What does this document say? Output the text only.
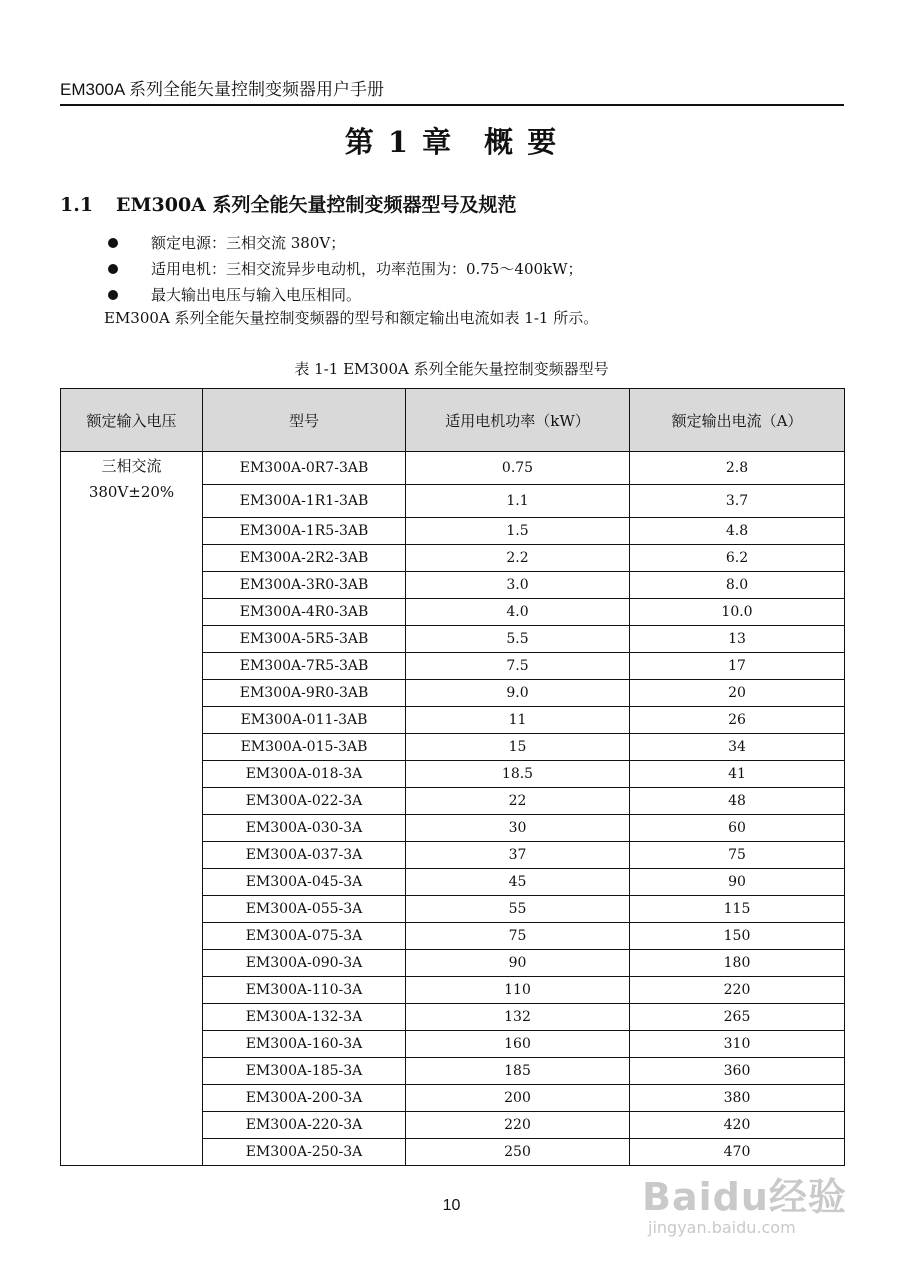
EM300A 系列全能矢量控制变频器用户手册
第 1 章　概 要
1.1 EM300A 系列全能矢量控制变频器型号及规范
额定电源：三相交流 380V；
适用电机：三相交流异步电动机，功率范围为：0.75～400kW；
最大输出电压与输入电压相同。
EM300A 系列全能矢量控制变频器的型号和额定输出电流如表 1-1 所示。
表 1-1 EM300A 系列全能矢量控制变频器型号
额定输入电压	型号	适用电机功率（kW）	额定输出电流（A）

三相交流
380V±20%	EM300A-0R7-3AB	0.75	2.8
	EM300A-1R1-3AB	1.1	3.7
	EM300A-1R5-3AB	1.5	4.8
	EM300A-2R2-3AB	2.2	6.2
	EM300A-3R0-3AB	3.0	8.0
	EM300A-4R0-3AB	4.0	10.0
	EM300A-5R5-3AB	5.5	13
	EM300A-7R5-3AB	7.5	17
	EM300A-9R0-3AB	9.0	20
	EM300A-011-3AB	11	26
	EM300A-015-3AB	15	34
	EM300A-018-3A	18.5	41
	EM300A-022-3A	22	48
	EM300A-030-3A	30	60
	EM300A-037-3A	37	75
	EM300A-045-3A	45	90
	EM300A-055-3A	55	115
	EM300A-075-3A	75	150
	EM300A-090-3A	90	180
	EM300A-110-3A	110	220
	EM300A-132-3A	132	265
	EM300A-160-3A	160	310
	EM300A-185-3A	185	360
	EM300A-200-3A	200	380
	EM300A-220-3A	220	420
	EM300A-250-3A	250	470
10	Baidu经验
jingyan.baidu.com
